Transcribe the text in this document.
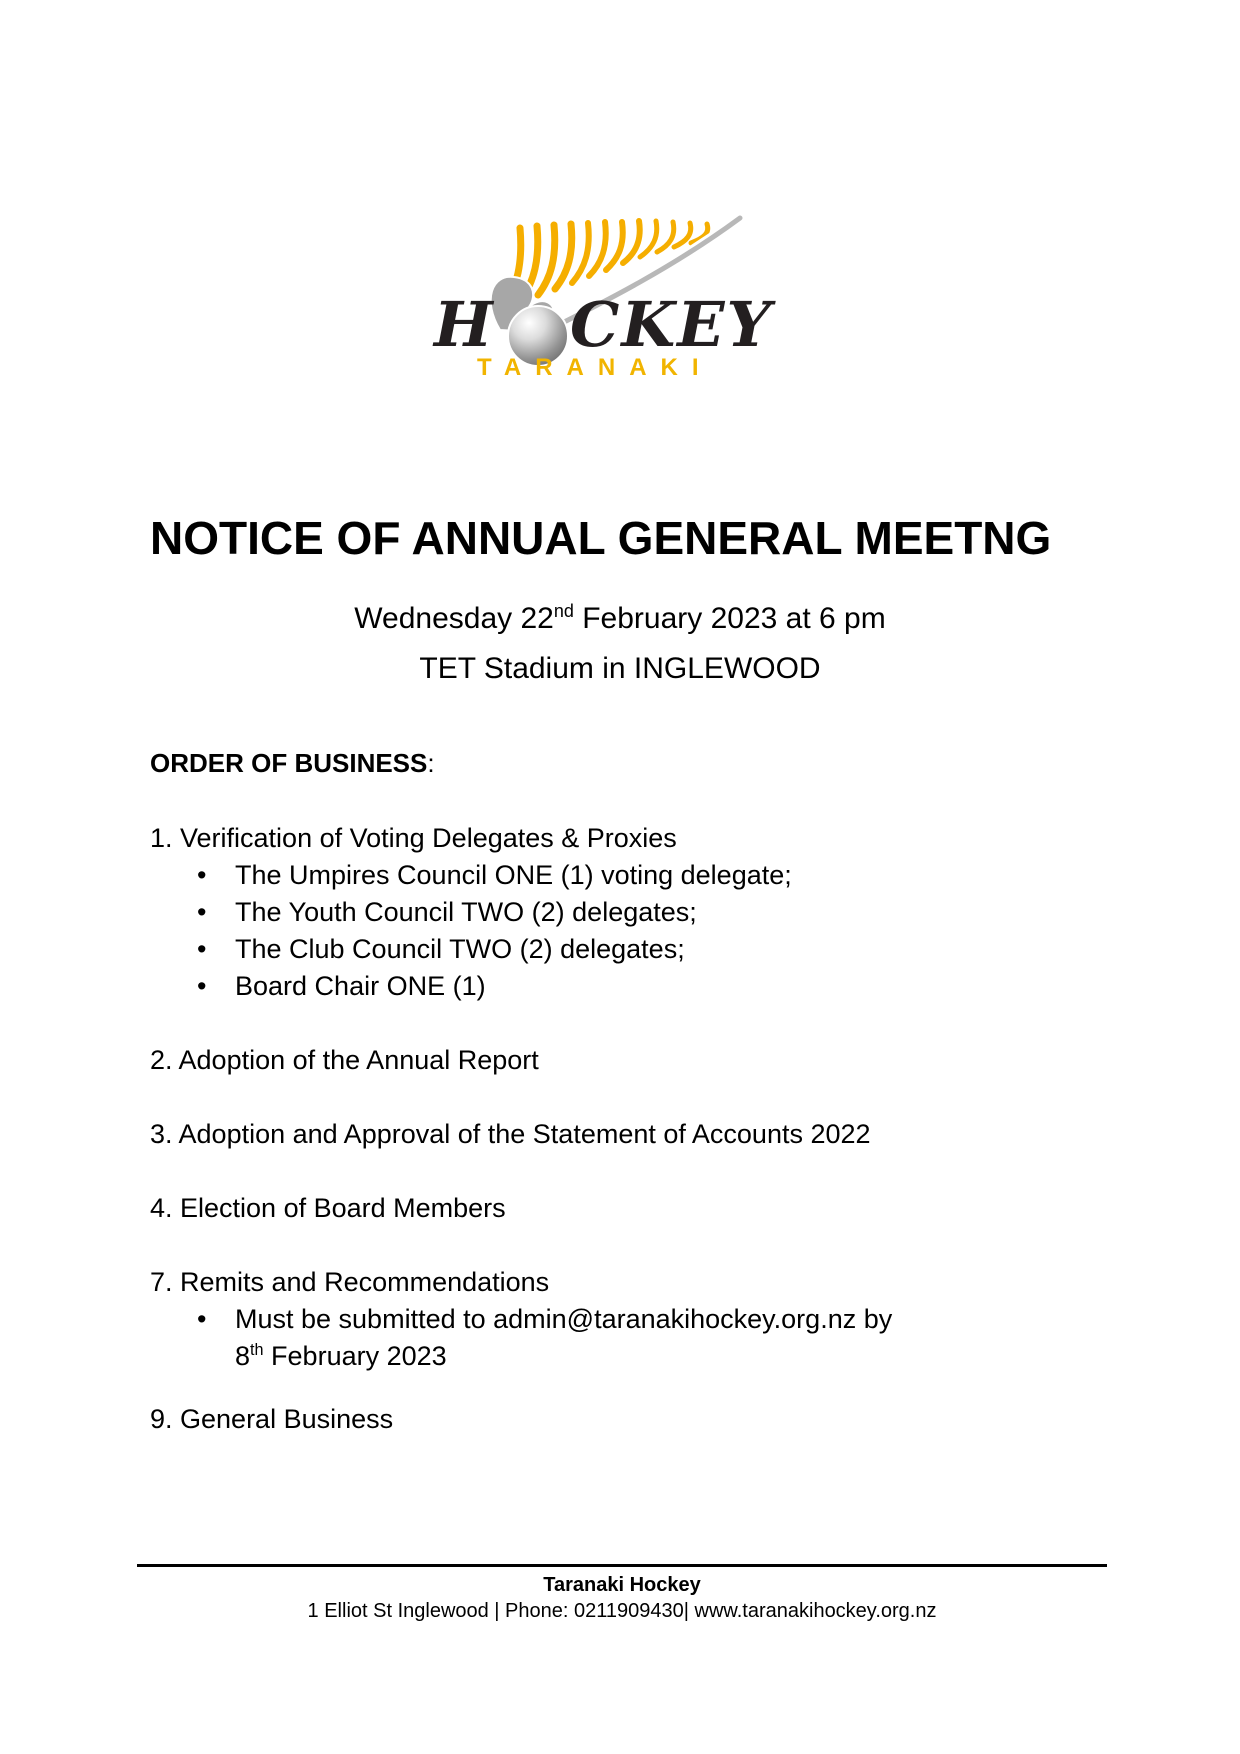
H CKEY
TARANAKI
NOTICE OF ANNUAL GENERAL MEETNG
Wednesday 22nd February 2023 at 6 pm
TET Stadium in INGLEWOOD
ORDER OF BUSINESS:

1. Verification of Voting Delegates & Proxies

• The Umpires Council ONE (1) voting delegate;
• The Youth Council TWO (2) delegates;
• The Club Council TWO (2) delegates;
• Board Chair ONE (1)

2. Adoption of the Annual Report

3. Adoption and Approval of the Statement of Accounts 2022

4. Election of Board Members

7. Remits and Recommendations

• Must be submitted to admin@taranakihockey.org.nz by
8th February 2023

9. General Business

Taranaki Hockey
1 Elliot St Inglewood | Phone: 0211909430| www.taranakihockey.org.nz
